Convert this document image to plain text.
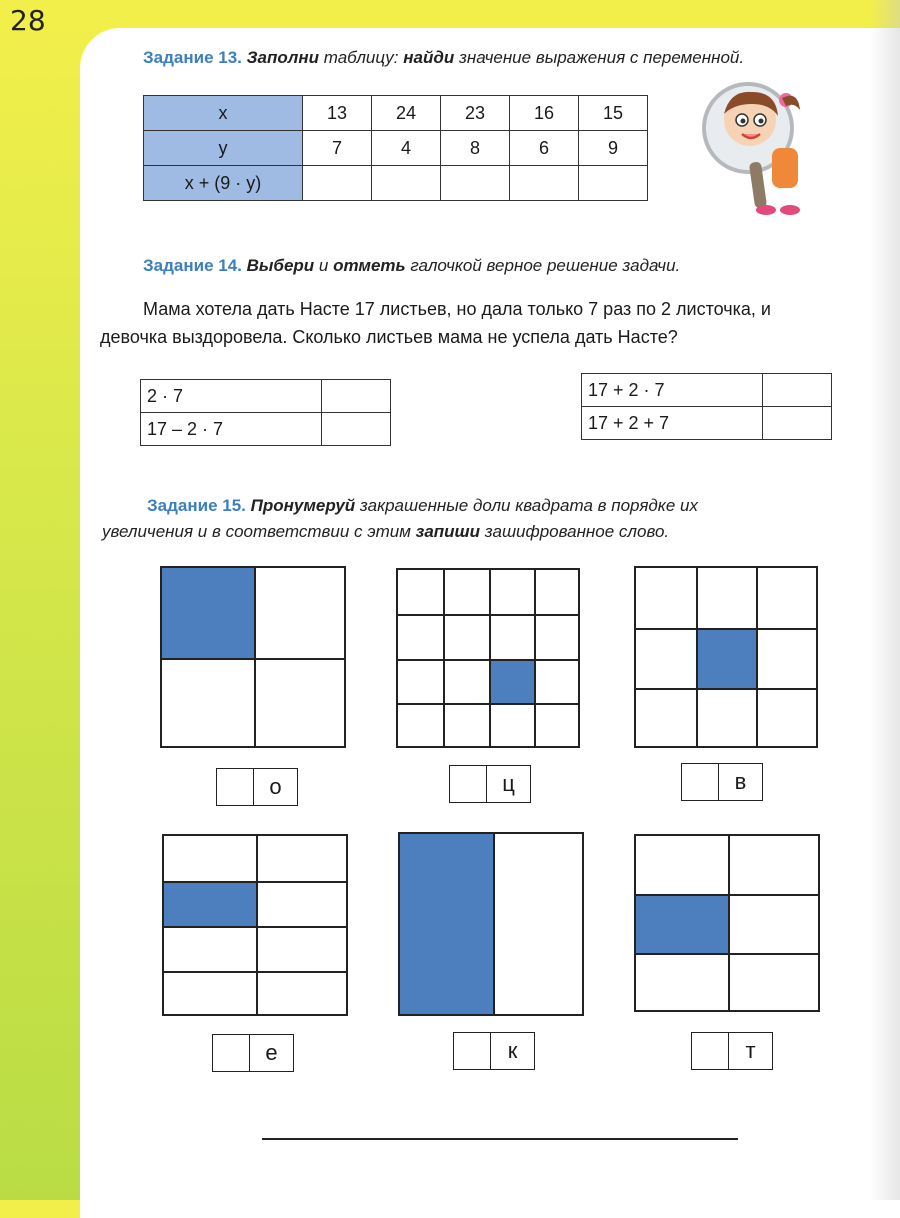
28
Задание 13. Заполни таблицу: найди значение выражения с переменной.
x	13	24	23	16	15
y	7	4	8	6	9
x + (9 · y)					
Задание 14. Выбери и отметь галочкой верное решение задачи.
Мама хотела дать Насте 17 листьев, но дала только 7 раз по 2 листочка, и
девочка выздоровела. Сколько листьев мама не успела дать Насте?
2 · 7	
17 – 2 · 7	
17 + 2 · 7	
17 + 2 + 7	
Задание 15. Пронумеруй закрашенные доли квадрата в порядке их
увеличения и в соответствии с этим запиши зашифрованное слово.
о	ц	в
е	к	т
